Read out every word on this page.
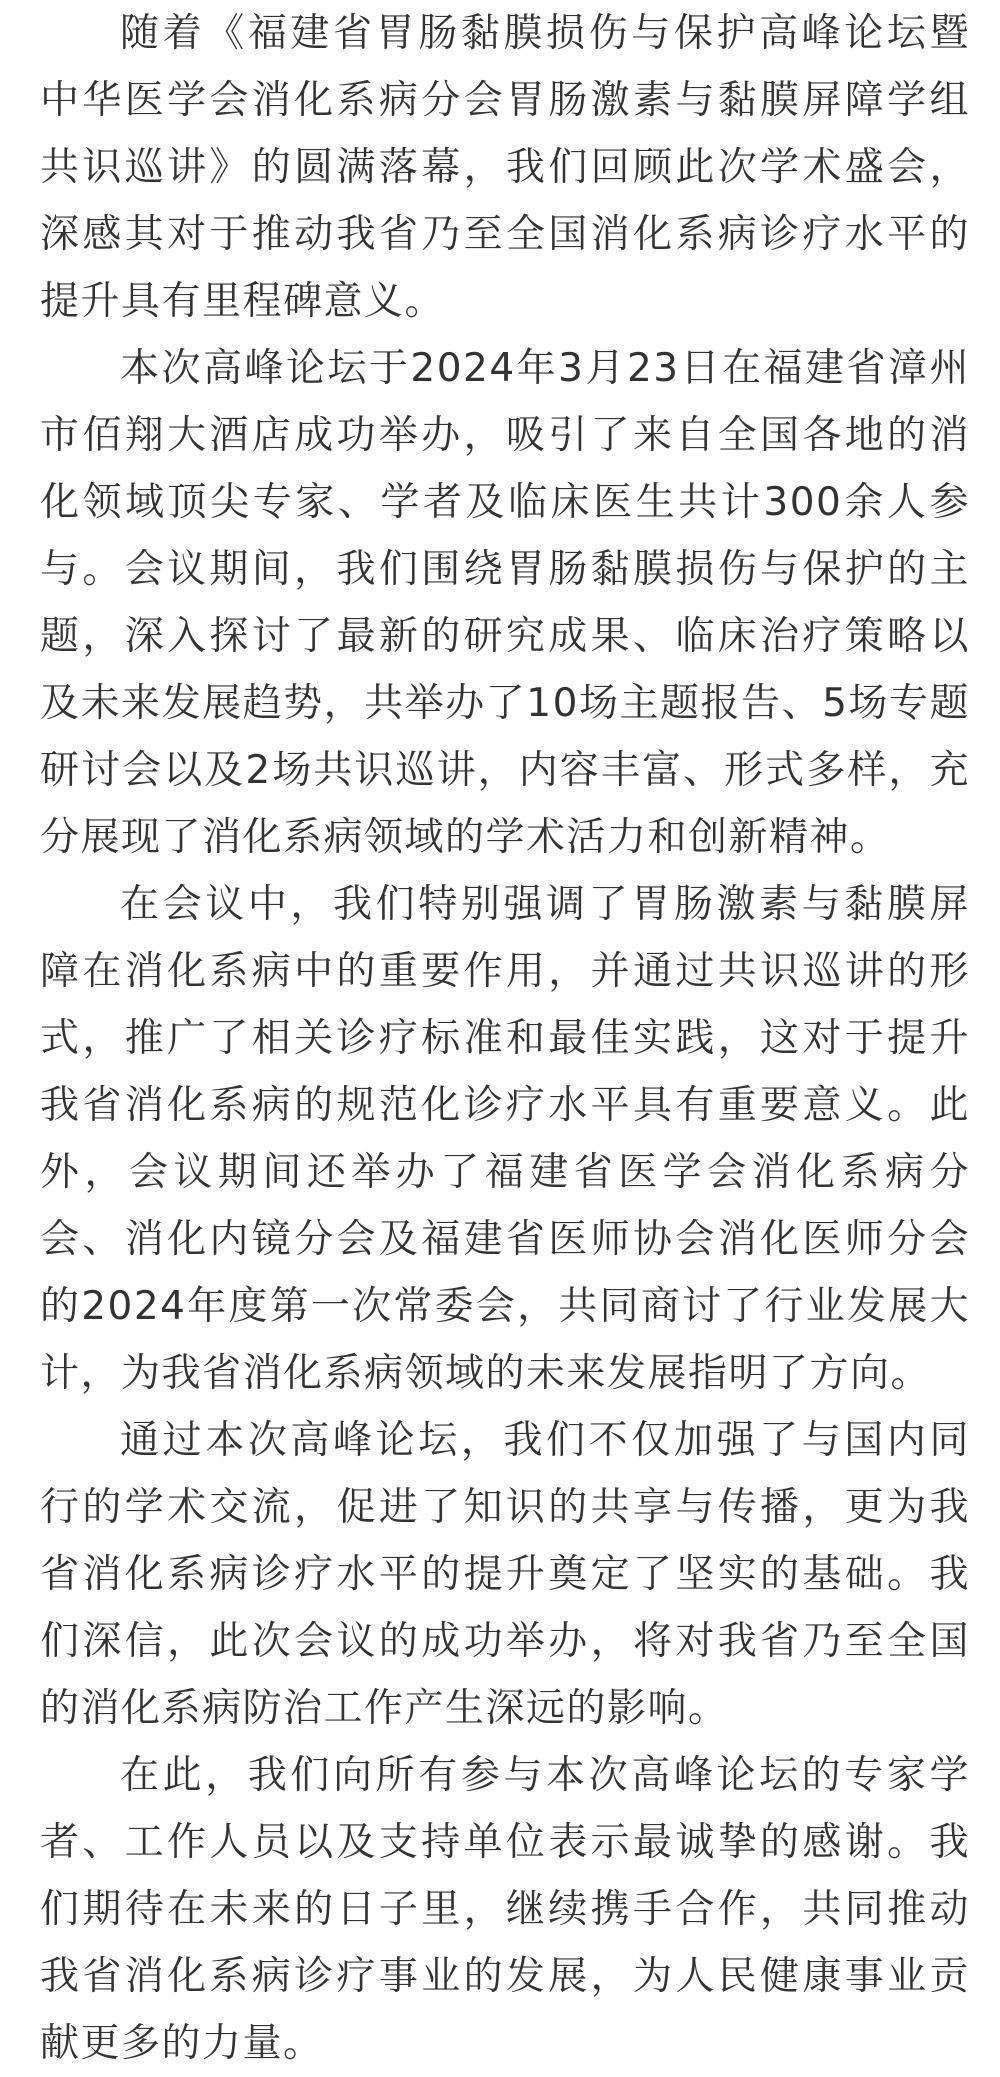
随着《福建省胃肠黏膜损伤与保护高峰论坛暨中华医学会消化系病分会胃肠激素与黏膜屏障学组共识巡讲》的圆满落幕，我们回顾此次学术盛会，深感其对于推动我省乃至全国消化系病诊疗水平的提升具有里程碑意义。

本次高峰论坛于2024年3月23日在福建省漳州市佰翔大酒店成功举办，吸引了来自全国各地的消化领域顶尖专家、学者及临床医生共计300余人参与。会议期间，我们围绕胃肠黏膜损伤与保护的主题，深入探讨了最新的研究成果、临床治疗策略以及未来发展趋势，共举办了10场主题报告、5场专题研讨会以及2场共识巡讲，内容丰富、形式多样，充分展现了消化系病领域的学术活力和创新精神。

在会议中，我们特别强调了胃肠激素与黏膜屏障在消化系病中的重要作用，并通过共识巡讲的形式，推广了相关诊疗标准和最佳实践，这对于提升我省消化系病的规范化诊疗水平具有重要意义。此外，会议期间还举办了福建省医学会消化系病分会、消化内镜分会及福建省医师协会消化医师分会的2024年度第一次常委会，共同商讨了行业发展大计，为我省消化系病领域的未来发展指明了方向。

通过本次高峰论坛，我们不仅加强了与国内同行的学术交流，促进了知识的共享与传播，更为我省消化系病诊疗水平的提升奠定了坚实的基础。我们深信，此次会议的成功举办，将对我省乃至全国的消化系病防治工作产生深远的影响。

在此，我们向所有参与本次高峰论坛的专家学者、工作人员以及支持单位表示最诚挚的感谢。我们期待在未来的日子里，继续携手合作，共同推动我省消化系病诊疗事业的发展，为人民健康事业贡献更多的力量。
